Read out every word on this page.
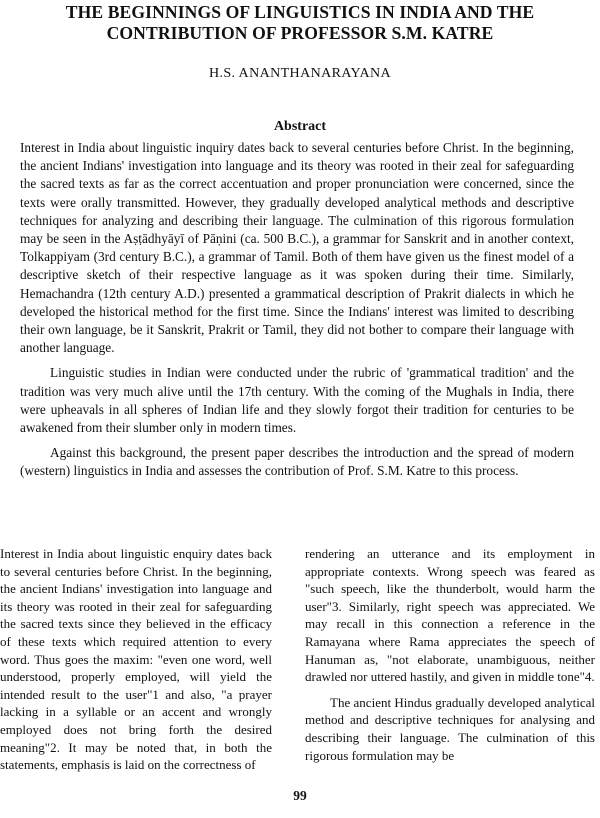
THE BEGINNINGS OF LINGUISTICS IN INDIA AND THE CONTRIBUTION OF PROFESSOR S.M. KATRE
H.S. ANANTHANARAYANA
Abstract

Interest in India about linguistic inquiry dates back to several centuries before Christ. In the beginning, the ancient Indians' investigation into language and its theory was rooted in their zeal for safeguarding the sacred texts as far as the correct accentuation and proper pronunciation were concerned, since the texts were orally transmitted. However, they gradually developed analytical methods and descriptive techniques for analyzing and describing their language. The culmination of this rigorous formulation may be seen in the Aṣṭādhyāyī of Pāṇini (ca. 500 B.C.), a grammar for Sanskrit and in another context, Tolkappiyam (3rd century B.C.), a grammar of Tamil. Both of them have given us the finest model of a descriptive sketch of their respective language as it was spoken during their time. Similarly, Hemachandra (12th century A.D.) presented a grammatical description of Prakrit dialects in which he developed the historical method for the first time. Since the Indians' interest was limited to describing their own language, be it Sanskrit, Prakrit or Tamil, they did not bother to compare their language with another language.

Linguistic studies in Indian were conducted under the rubric of 'grammatical tradition' and the tradition was very much alive until the 17th century. With the coming of the Mughals in India, there were upheavals in all spheres of Indian life and they slowly forgot their tradition for centuries to be awakened from their slumber only in modern times.

Against this background, the present paper describes the introduction and the spread of modern (western) linguistics in India and assesses the contribution of Prof. S.M. Katre to this process.

Interest in India about linguistic enquiry dates back to several centuries before Christ. In the beginning, the ancient Indians' investigation into language and its theory was rooted in their zeal for safeguarding the sacred texts since they believed in the efficacy of these texts which required attention to every word. Thus goes the maxim: "even one word, well understood, properly employed, will yield the intended result to the user"1 and also, "a prayer lacking in a syllable or an accent and wrongly employed does not bring forth the desired meaning"2. It may be noted that, in both the statements, emphasis is laid on the correctness of

rendering an utterance and its employment in appropriate contexts. Wrong speech was feared as "such speech, like the thunderbolt, would harm the user"3. Similarly, right speech was appreciated. We may recall in this connection a reference in the Ramayana where Rama appreciates the speech of Hanuman as, "not elaborate, unambiguous, neither drawled nor uttered hastily, and given in middle tone"4.

The ancient Hindus gradually developed analytical method and descriptive techniques for analysing and describing their language. The culmination of this rigorous formulation may be

99
